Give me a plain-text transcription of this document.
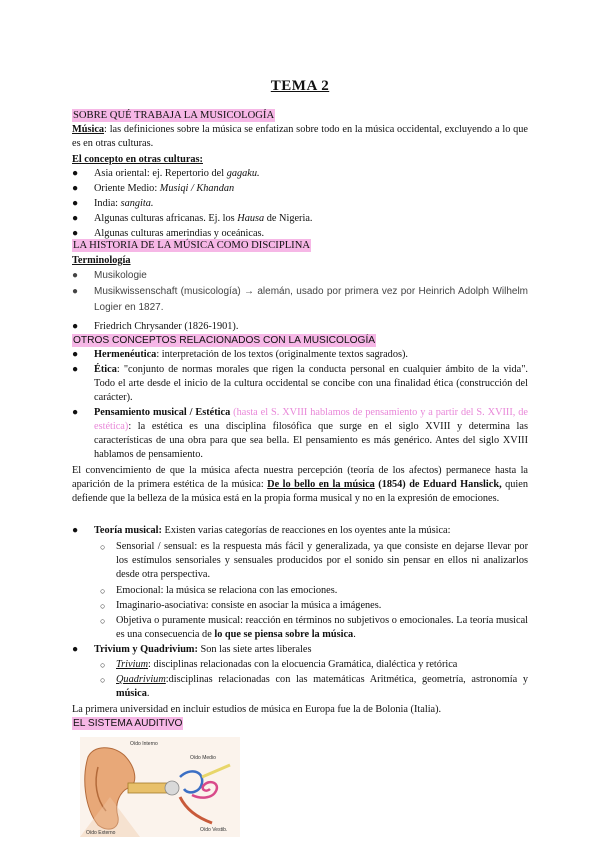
TEMA 2
SOBRE QUÉ TRABAJA LA MUSICOLOGÍA
Música: las definiciones sobre la música se enfatizan sobre todo en la música occidental, excluyendo a lo que es en otras culturas.
El concepto en otras culturas:
● Asia oriental: ej. Repertorio del gagaku.
● Oriente Medio: Musiqi / Khandan
● India: sangita.
● Algunas culturas africanas. Ej. los Hausa de Nigeria.
● Algunas culturas amerindias y oceánicas.
LA HISTORIA DE LA MÚSICA COMO DISCIPLINA
Terminología
● Musikologie
● Musikwissenschaft (musicología) → alemán, usado por primera vez por Heinrich Adolph Wilhelm Logier en 1827.
● Friedrich Chrysander (1826-1901).
OTROS CONCEPTOS RELACIONADOS CON LA MUSICOLOGÍA
● Hermenéutica: interpretación de los textos (originalmente textos sagrados).
● Ética: "conjunto de normas morales que rigen la conducta personal en cualquier ámbito de la vida". Todo el arte desde el inicio de la cultura occidental se concibe con una finalidad ética (construcción del carácter).
● Pensamiento musical / Estética (hasta el S. XVIII hablamos de pensamiento y a partir del S. XVIII, de estética): la estética es una disciplina filosófica que surge en el siglo XVIII y determina las características de una obra para que sea bella. El pensamiento es más genérico. Antes del siglo XVIII hablamos de pensamiento.
El convencimiento de que la música afecta nuestra percepción (teoría de los afectos) permanece hasta la aparición de la primera estética de la música: De lo bello en la música (1854) de Eduard Hanslick, quien defiende que la belleza de la música está en la propia forma musical y no en la expresión de emociones.
● Teoría musical: Existen varias categorías de reacciones en los oyentes ante la música:
○ Sensorial / sensual: es la respuesta más fácil y generalizada, ya que consiste en dejarse llevar por los estímulos sensoriales y sensuales producidos por el sonido sin pensar en ellos ni analizarlos desde otra perspectiva.
○ Emocional: la música se relaciona con las emociones.
○ Imaginario-asociativa: consiste en asociar la música a imágenes.
○ Objetiva o puramente musical: reacción en términos no subjetivos o emocionales. La teoría musical es una consecuencia de lo que se piensa sobre la música.
● Trivium y Quadrivium: Son las siete artes liberales
○ Trivium: disciplinas relacionadas con la elocuencia Gramática, dialéctica y retórica
○ Quadrivium:disciplinas relacionadas con las matemáticas Aritmética, geometría, astronomía y música.
La primera universidad en incluir estudios de música en Europa fue la de Bolonia (Italia).
EL SISTEMA AUDITIVO
Oído Interno
Oído Medio
Oído Externo	Oído Vestib.
